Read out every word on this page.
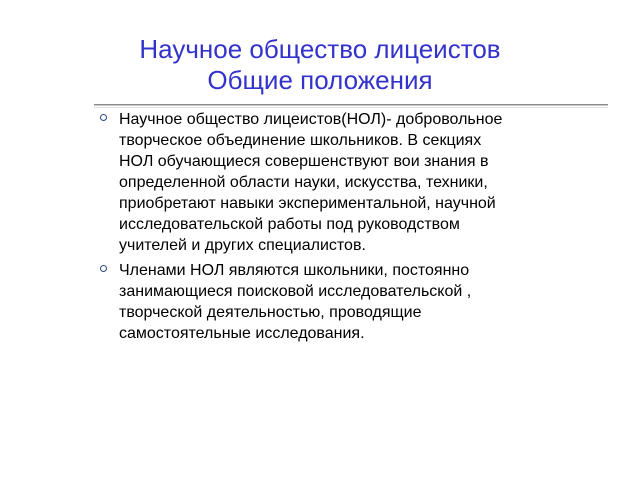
Научное общество лицеистов
Общие положения
Научное общество лицеистов(НОЛ)- добровольное
творческое объединение школьников. В секциях
НОЛ обучающиеся совершенствуют вои знания в
определенной области науки, искусства, техники,
приобретают навыки экспериментальной, научной
исследовательской работы под руководством
учителей и других специалистов.
Членами НОЛ являются школьники, постоянно
занимающиеся поисковой исследовательской ,
творческой деятельностью, проводящие
самостоятельные исследования.
